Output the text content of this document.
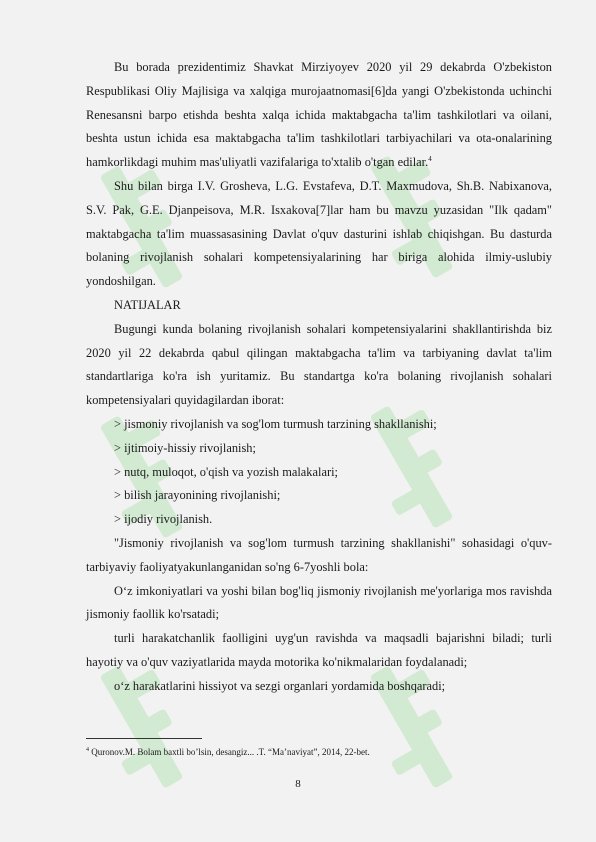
Bu borada prezidentimiz Shavkat Mirziyoyev 2020 yil 29 dekabrda O'zbekiston Respublikasi Oliy Majlisiga va xalqiga murojaatnomasi[6]da yangi O'zbekistonda uchinchi Renesansni barpo etishda beshta xalqa ichida maktabgacha ta'lim tashkilotlari va oilani, beshta ustun ichida esa maktabgacha ta'lim tashkilotlari tarbiyachilari va ota-onalarining hamkorlikdagi muhim mas'uliyatli vazifalariga to'xtalib o'tgan edilar.$^4$

Shu bilan birga I.V. Grosheva, L.G. Evstafeva, D.T. Maxmudova, Sh.B. Nabixanova, S.V. Pak, G.E. Djanpeisova, M.R. Isxakova[7]lar ham bu mavzu yuzasidan "Ilk qadam" maktabgacha ta'lim muassasasining Davlat o'quv dasturini ishlab chiqishgan. Bu dasturda bolaning rivojlanish sohalari kompetensiyalarining har biriga alohida ilmiy-uslubiy yondoshilgan.

NATIJALAR

Bugungi kunda bolaning rivojlanish sohalari kompetensiyalarini shakllantirishda biz 2020 yil 22 dekabrda qabul qilingan maktabgacha ta'lim va tarbiyaning davlat ta'lim standartlariga ko'ra ish yuritamiz. Bu standartga ko'ra bolaning rivojlanish sohalari kompetensiyalari quyidagilardan iborat:

> jismoniy rivojlanish va sog'lom turmush tarzining shakllanishi;

> ijtimoiy-hissiy rivojlanish;

> nutq, muloqot, o'qish va yozish malakalari;

> bilish jarayonining rivojlanishi;

> ijodiy rivojlanish.

"Jismoniy rivojlanish va sog'lom turmush tarzining shakllanishi" sohasidagi o'quv-tarbiyaviy faoliyatyakunlanganidan so'ng 6-7yoshli bola:

O‘z imkoniyatlari va yoshi bilan bog'liq jismoniy rivojlanish me'yorlariga mos ravishda jismoniy faollik ko'rsatadi;

turli harakatchanlik faolligini uyg'un ravishda va maqsadli bajarishni biladi; turli hayotiy va o'quv vaziyatlarida mayda motorika ko'nikmalaridan foydalanadi;

o‘z harakatlarini hissiyot va sezgi organlari yordamida boshqaradi;

$^4$ Quronov.M. Bolam baxtli bo’lsin, desangiz... .T. “Ma’naviyat”, 2014, 22-bet.

8
